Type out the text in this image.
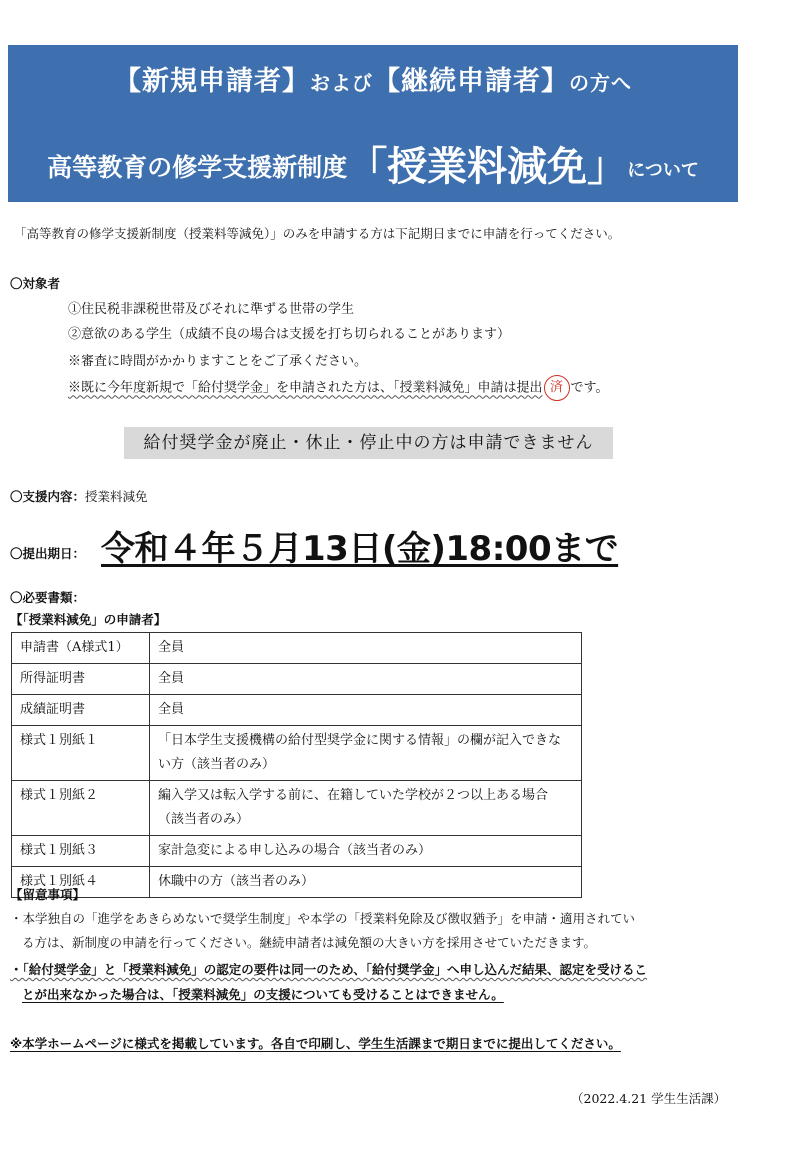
【新規申請者】および【継続申請者】の方へ
高等教育の修学支援新制度「授業料減免」について
「高等教育の修学支援新制度（授業料等減免）」のみを申請する方は下記期日までに申請を行ってください。
〇対象者
①住民税非課税世帯及びそれに準ずる世帯の学生
②意欲のある学生（成績不良の場合は支援を打ち切られることがあります）
※審査に時間がかかりますことをご了承ください。
※既に今年度新規で「給付奨学金」を申請された方は、「授業料減免」申請は提出 済 です。
給付奨学金が廃止・休止・停止中の方は申請できません
〇支援内容：授業料減免
〇提出期日： 令和４年５月13日(金)18:00まで
〇必要書類：
【「授業料減免」の申請者】
申請書（A様式1）	全員
所得証明書	全員
成績証明書	全員
様式１別紙１	「日本学生支援機構の給付型奨学金に関する情報」の欄が記入できない方（該当者のみ）
様式１別紙２	編入学又は転入学する前に、在籍していた学校が２つ以上ある場合（該当者のみ）
様式１別紙３	家計急変による申し込みの場合（該当者のみ）
様式１別紙４	休職中の方（該当者のみ）
【留意事項】
・本学独自の「進学をあきらめないで奨学生制度」や本学の「授業料免除及び徴収猶予」を申請・適用されてい
る方は、新制度の申請を行ってください。継続申請者は減免額の大きい方を採用させていただきます。
・「給付奨学金」と「授業料減免」の認定の要件は同一のため、「給付奨学金」へ申し込んだ結果、認定を受けるこ
とが出来なかった場合は、「授業料減免」の支援についても受けることはできません。
※本学ホームページに様式を掲載しています。各自で印刷し、学生生活課まで期日までに提出してください。
（2022.4.21 学生生活課）
